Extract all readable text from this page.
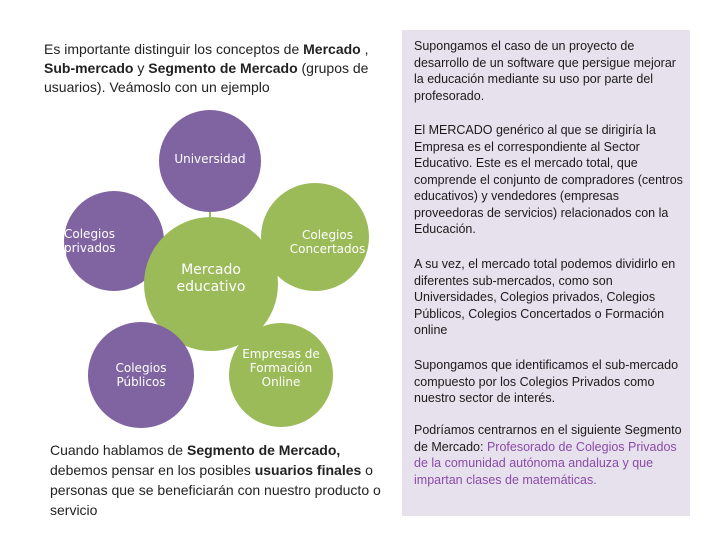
Es importante distinguir los conceptos de Mercado , Sub-mercado y Segmento de Mercado (grupos de usuarios). Veámoslo con un ejemplo
Universidad
Colegios privados
Colegios Concertados
Mercado educativo
Colegios Públicos
Empresas de Formación Online
Cuando hablamos de Segmento de Mercado, debemos pensar en los posibles usuarios finales o personas que se beneficiarán con nuestro producto o servicio
Supongamos el caso de un proyecto de desarrollo de un software que persigue mejorar la educación mediante su uso por parte del profesorado.
El MERCADO genérico al que se dirigiría la Empresa es el correspondiente al Sector Educativo. Este es el mercado total, que comprende el conjunto de compradores (centros educativos) y vendedores (empresas proveedoras de servicios) relacionados con la Educación.
A su vez, el mercado total podemos dividirlo en diferentes sub-mercados, como son Universidades, Colegios privados, Colegios Públicos, Colegios Concertados o Formación online
Supongamos que identificamos el sub-mercado compuesto por los Colegios Privados como nuestro sector de interés.
Podríamos centrarnos en el siguiente Segmento de Mercado: Profesorado de Colegios Privados de la comunidad autónoma andaluza y que impartan clases de matemáticas.
